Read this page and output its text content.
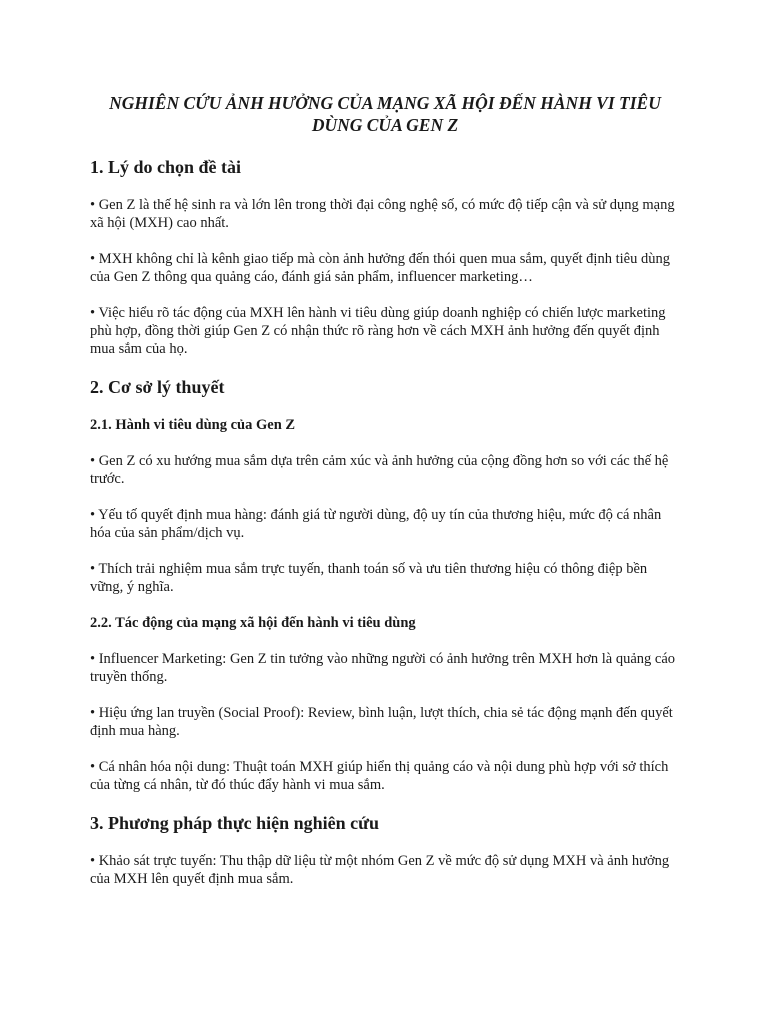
NGHIÊN CỨU ẢNH HƯỞNG CỦA MẠNG XÃ HỘI ĐẾN HÀNH VI TIÊU DÙNG CỦA GEN Z
1. Lý do chọn đề tài

• Gen Z là thế hệ sinh ra và lớn lên trong thời đại công nghệ số, có mức độ tiếp cận và sử dụng mạng xã hội (MXH) cao nhất.

• MXH không chỉ là kênh giao tiếp mà còn ảnh hưởng đến thói quen mua sắm, quyết định tiêu dùng của Gen Z thông qua quảng cáo, đánh giá sản phẩm, influencer marketing…

• Việc hiểu rõ tác động của MXH lên hành vi tiêu dùng giúp doanh nghiệp có chiến lược marketing phù hợp, đồng thời giúp Gen Z có nhận thức rõ ràng hơn về cách MXH ảnh hưởng đến quyết định mua sắm của họ.

2. Cơ sở lý thuyết
2.1. Hành vi tiêu dùng của Gen Z

• Gen Z có xu hướng mua sắm dựa trên cảm xúc và ảnh hưởng của cộng đồng hơn so với các thế hệ trước.

• Yếu tố quyết định mua hàng: đánh giá từ người dùng, độ uy tín của thương hiệu, mức độ cá nhân hóa của sản phẩm/dịch vụ.

• Thích trải nghiệm mua sắm trực tuyến, thanh toán số và ưu tiên thương hiệu có thông điệp bền vững, ý nghĩa.

2.2. Tác động của mạng xã hội đến hành vi tiêu dùng

• Influencer Marketing: Gen Z tin tưởng vào những người có ảnh hưởng trên MXH hơn là quảng cáo truyền thống.

• Hiệu ứng lan truyền (Social Proof): Review, bình luận, lượt thích, chia sẻ tác động mạnh đến quyết định mua hàng.

• Cá nhân hóa nội dung: Thuật toán MXH giúp hiển thị quảng cáo và nội dung phù hợp với sở thích của từng cá nhân, từ đó thúc đẩy hành vi mua sắm.

3. Phương pháp thực hiện nghiên cứu

• Khảo sát trực tuyến: Thu thập dữ liệu từ một nhóm Gen Z về mức độ sử dụng MXH và ảnh hưởng của MXH lên quyết định mua sắm.
